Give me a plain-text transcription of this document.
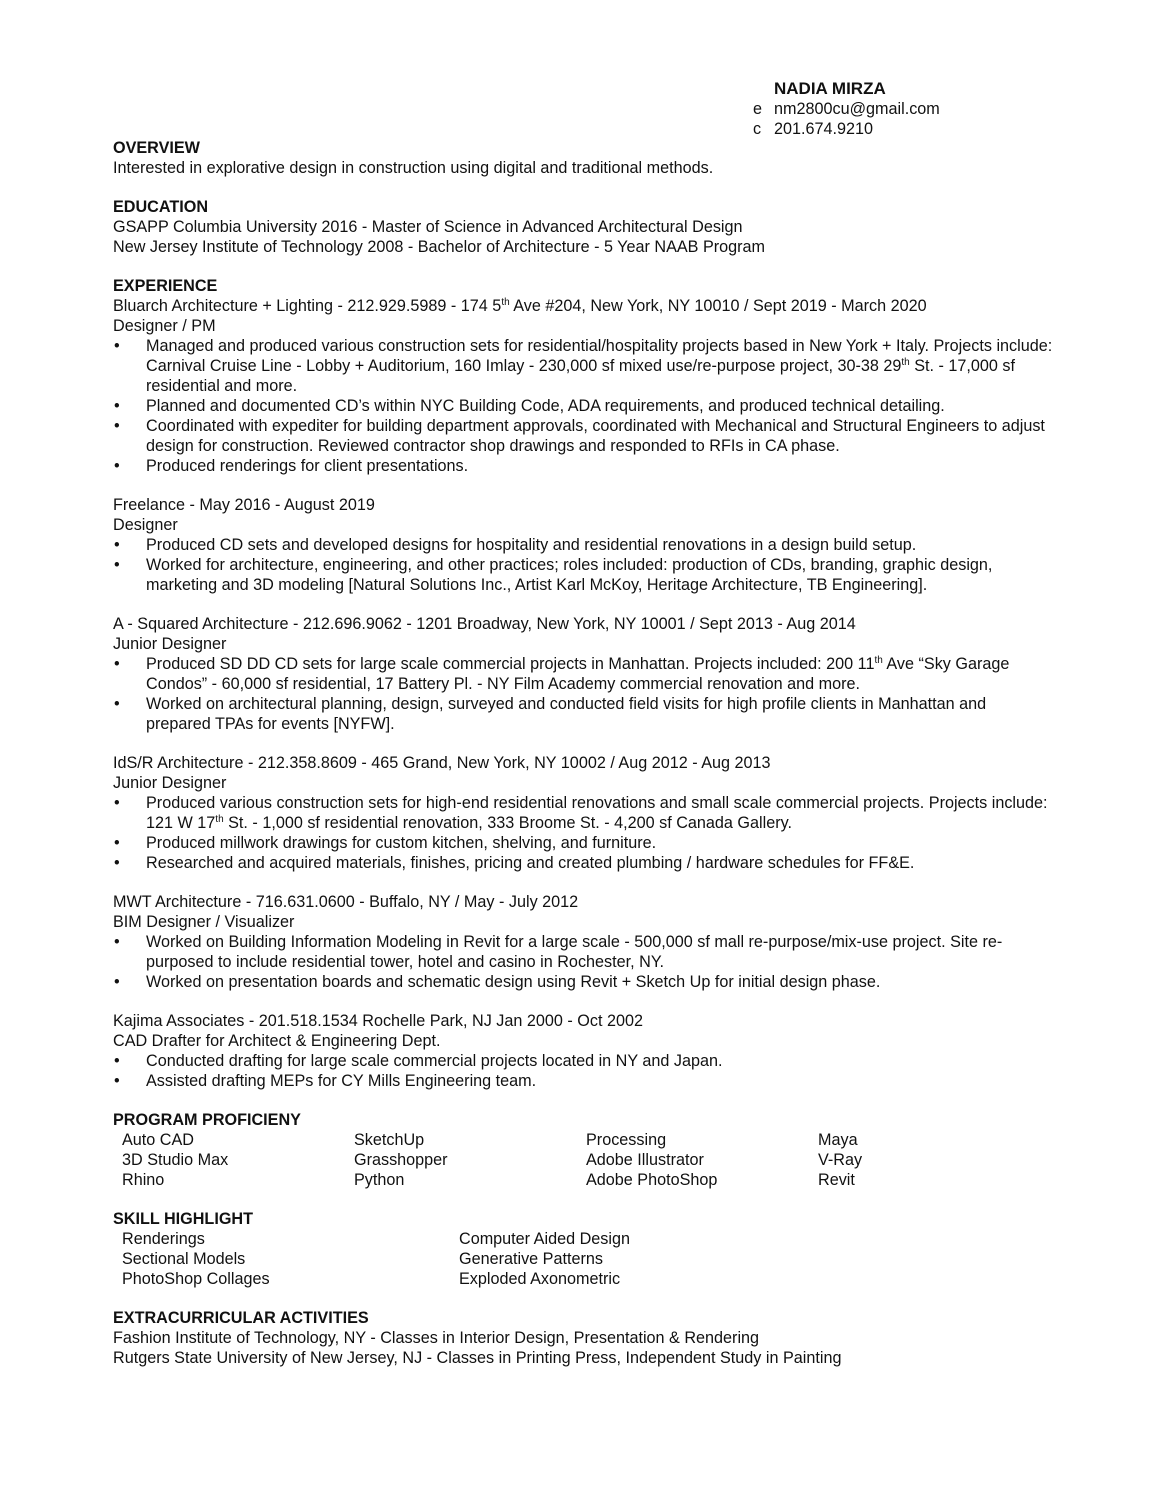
NADIA MIRZA
e nm2800cu@gmail.com
c 201.674.9210
OVERVIEW
Interested in explorative design in construction using digital and traditional methods.
EDUCATION
GSAPP Columbia University 2016 - Master of Science in Advanced Architectural Design
New Jersey Institute of Technology 2008 - Bachelor of Architecture - 5 Year NAAB Program
EXPERIENCE
Bluarch Architecture + Lighting - 212.929.5989 - 174 5th Ave #204, New York, NY 10010 / Sept 2019 - March 2020
Designer / PM
• Managed and produced various construction sets for residential/hospitality projects based in New York + Italy. Projects include: Carnival Cruise Line - Lobby + Auditorium, 160 Imlay - 230,000 sf mixed use/re-purpose project, 30-38 29th St. - 17,000 sf residential and more.
• Planned and documented CD’s within NYC Building Code, ADA requirements, and produced technical detailing.
• Coordinated with expediter for building department approvals, coordinated with Mechanical and Structural Engineers to adjust design for construction. Reviewed contractor shop drawings and responded to RFIs in CA phase.
• Produced renderings for client presentations.
Freelance - May 2016 - August 2019
Designer
• Produced CD sets and developed designs for hospitality and residential renovations in a design build setup.
• Worked for architecture, engineering, and other practices; roles included: production of CDs, branding, graphic design, marketing and 3D modeling [Natural Solutions Inc., Artist Karl McKoy, Heritage Architecture, TB Engineering].
A - Squared Architecture - 212.696.9062 - 1201 Broadway, New York, NY 10001 / Sept 2013 - Aug 2014
Junior Designer
• Produced SD DD CD sets for large scale commercial projects in Manhattan. Projects included: 200 11th Ave “Sky Garage Condos” - 60,000 sf residential, 17 Battery Pl. - NY Film Academy commercial renovation and more.
• Worked on architectural planning, design, surveyed and conducted field visits for high profile clients in Manhattan and prepared TPAs for events [NYFW].
IdS/R Architecture - 212.358.8609 - 465 Grand, New York, NY 10002 / Aug 2012 - Aug 2013
Junior Designer
• Produced various construction sets for high-end residential renovations and small scale commercial projects. Projects include: 121 W 17th St. - 1,000 sf residential renovation, 333 Broome St. - 4,200 sf Canada Gallery.
• Produced millwork drawings for custom kitchen, shelving, and furniture.
• Researched and acquired materials, finishes, pricing and created plumbing / hardware schedules for FF&E.
MWT Architecture - 716.631.0600 - Buffalo, NY / May - July 2012
BIM Designer / Visualizer
• Worked on Building Information Modeling in Revit for a large scale - 500,000 sf mall re-purpose/mix-use project. Site re-purposed to include residential tower, hotel and casino in Rochester, NY.
• Worked on presentation boards and schematic design using Revit + Sketch Up for initial design phase.
Kajima Associates - 201.518.1534 Rochelle Park, NJ Jan 2000 - Oct 2002
CAD Drafter for Architect & Engineering Dept.
• Conducted drafting for large scale commercial projects located in NY and Japan.
• Assisted drafting MEPs for CY Mills Engineering team.
PROGRAM PROFICIENY
Auto CAD	SketchUp	Processing	Maya
3D Studio Max	Grasshopper	Adobe Illustrator	V-Ray
Rhino	Python	Adobe PhotoShop	Revit
SKILL HIGHLIGHT
Renderings	Computer Aided Design
Sectional Models	Generative Patterns
PhotoShop Collages	Exploded Axonometric
EXTRACURRICULAR ACTIVITIES
Fashion Institute of Technology, NY - Classes in Interior Design, Presentation & Rendering
Rutgers State University of New Jersey, NJ - Classes in Printing Press, Independent Study in Painting
